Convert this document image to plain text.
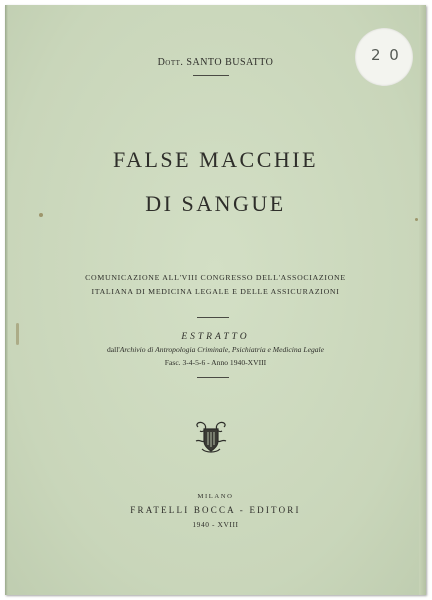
2 0
Dott. SANTO BUSATTO
FALSE MACCHIE
DI SANGUE
COMUNICAZIONE ALL'VIII CONGRESSO DELL'ASSOCIAZIONE
ITALIANA DI MEDICINA LEGALE E DELLE ASSICURAZIONI
ESTRATTO
dall'Archivio di Antropologia Criminale, Psichiatria e Medicina Legale
Fasc. 3-4-5-6 - Anno 1940-XVIII
MILANO
FRATELLI BOCCA - EDITORI
1940 - XVIII
